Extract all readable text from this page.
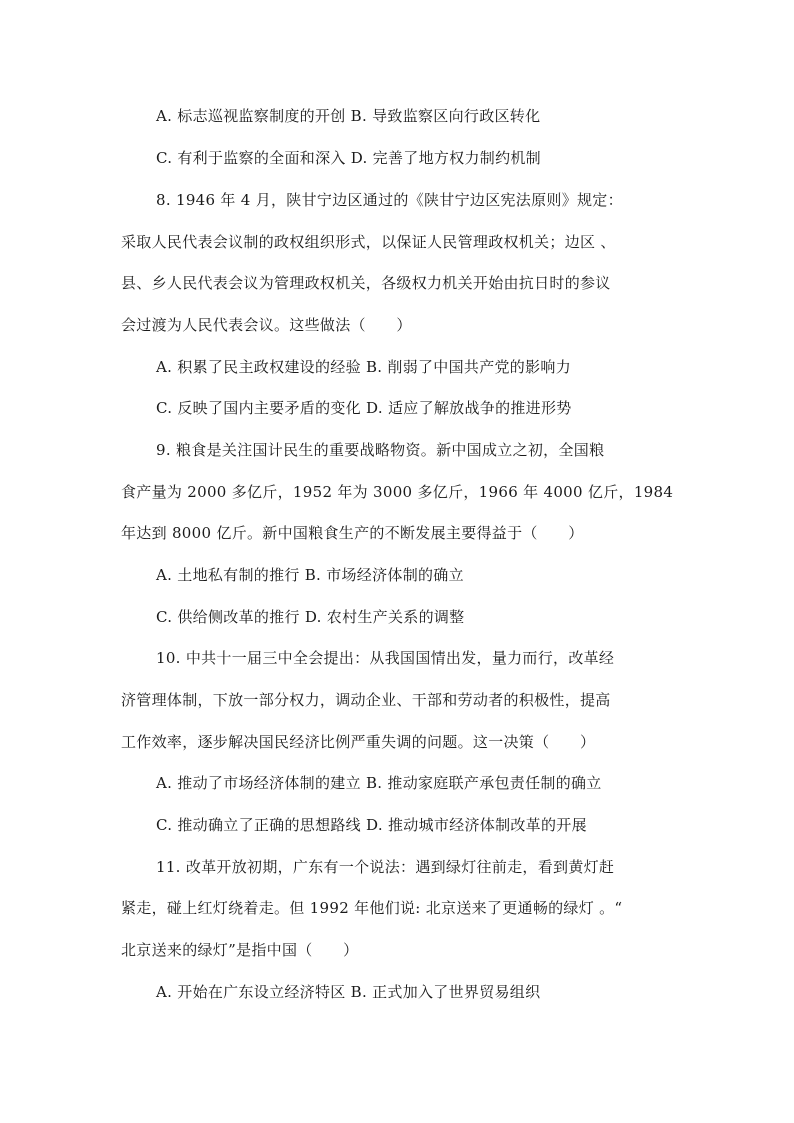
A. 标志巡视监察制度的开创 B. 导致监察区向行政区转化
C. 有利于监察的全面和深入 D. 完善了地方权力制约机制
8. 1946 年 4 月，陕甘宁边区通过的《陕甘宁边区宪法原则》规定：
采取人民代表会议制的政权组织形式，以保证人民管理政权机关；边区 、
县、乡人民代表会议为管理政权机关，各级权力机关开始由抗日时的参议
会过渡为人民代表会议。这些做法（　　）
A. 积累了民主政权建设的经验 B. 削弱了中国共产党的影响力
C. 反映了国内主要矛盾的变化 D. 适应了解放战争的推进形势
9. 粮食是关注国计民生的重要战略物资。新中国成立之初，全国粮
食产量为 2000 多亿斤，1952 年为 3000 多亿斤，1966 年 4000 亿斤，1984
年达到 8000 亿斤。新中国粮食生产的不断发展主要得益于（　　）
A. 土地私有制的推行 B. 市场经济体制的确立
C. 供给侧改革的推行 D. 农村生产关系的调整
10. 中共十一届三中全会提出：从我国国情出发，量力而行，改革经
济管理体制，下放一部分权力，调动企业、干部和劳动者的积极性，提高
工作效率，逐步解决国民经济比例严重失调的问题。这一决策（　　）
A. 推动了市场经济体制的建立 B. 推动家庭联产承包责任制的确立
C. 推动确立了正确的思想路线 D. 推动城市经济体制改革的开展
11. 改革开放初期，广东有一个说法：遇到绿灯往前走，看到黄灯赶
紧走，碰上红灯绕着走。但 1992 年他们说: 北京送来了更通畅的绿灯 。“
北京送来的绿灯”是指中国（　　）
A. 开始在广东设立经济特区 B. 正式加入了世界贸易组织
